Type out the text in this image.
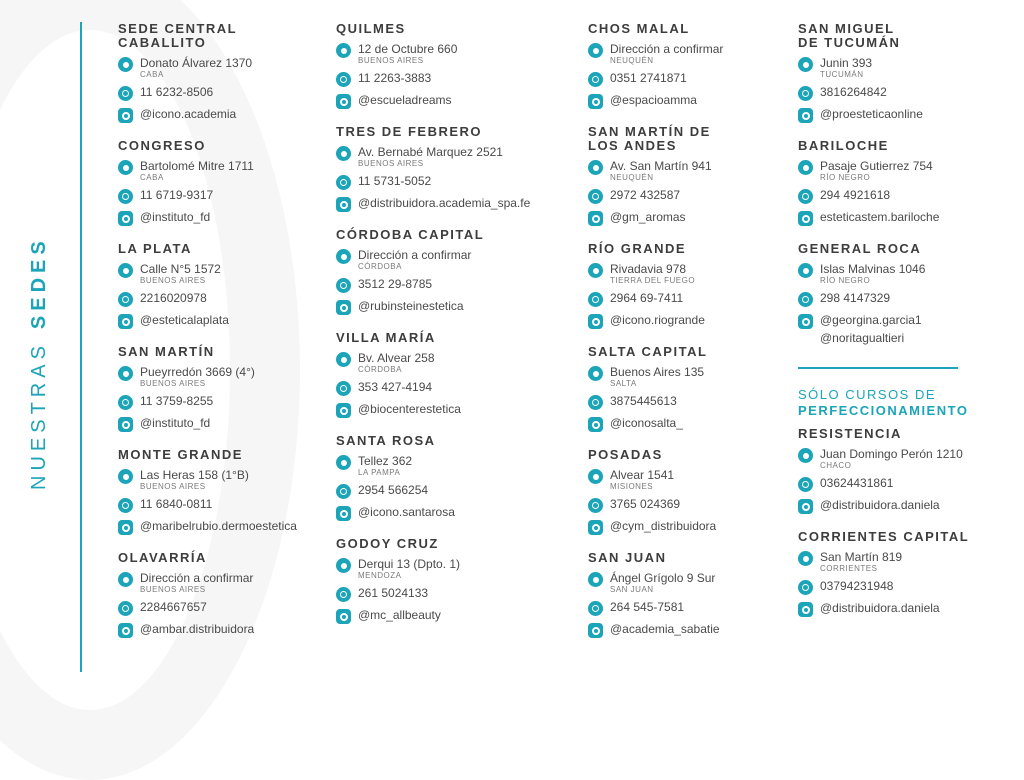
NUESTRASSEDES
SEDE CENTRAL
CABALLITO
Donato Álvarez 1370
CABA
11 6232-8506
@icono.academia
CONGRESO
Bartolomé Mitre 1711
CABA
11 6719-9317
@instituto_fd
LA PLATA
Calle N°5 1572
BUENOS AIRES
2216020978
@esteticalaplata
SAN MARTÍN
Pueyrredón 3669 (4°)
BUENOS AIRES
11 3759-8255
@instituto_fd
MONTE GRANDE
Las Heras 158 (1°B)
BUENOS AIRES
11 6840-0811
@maribelrubio.dermoestetica
OLAVARRÍA
Dirección a confirmar
BUENOS AIRES
2284667657
@ambar.distribuidora
QUILMES
12 de Octubre 660
BUENOS AIRES
11 2263-3883
@escueladreams
TRES DE FEBRERO
Av. Bernabé Marquez 2521
BUENOS AIRES
11 5731-5052
@distribuidora.academia_spa.fe
CÓRDOBA CAPITAL
Dirección a confirmar
CÓRDOBA
3512 29-8785
@rubinsteinestetica
VILLA MARÍA
Bv. Alvear 258
CÓRDOBA
353 427-4194
@biocenterestetica
SANTA ROSA
Tellez 362
LA PAMPA
2954 566254
@icono.santarosa
GODOY CRUZ
Derqui 13 (Dpto. 1)
MENDOZA
261 5024133
@mc_allbeauty
CHOS MALAL
Dirección a confirmar
NEUQUÉN
0351 2741871
@espacioamma
SAN MARTÍN DE
LOS ANDES
Av. San Martín 941
NEUQUÉN
2972 432587
@gm_aromas
RÍO GRANDE
Rivadavia 978
TIERRA DEL FUEGO
2964 69-7411
@icono.riogrande
SALTA CAPITAL
Buenos Aires 135
SALTA
3875445613
@iconosalta_
POSADAS
Alvear 1541
MISIONES
3765 024369
@cym_distribuidora
SAN JUAN
Ángel Grígolo 9 Sur
SAN JUAN
264 545-7581
@academia_sabatie
SAN MIGUEL
DE TUCUMÁN
Junin 393
TUCUMÁN
3816264842
@proesteticaonline
BARILOCHE
Pasaje Gutierrez 754
RÍO NEGRO
294 4921618
esteticastem.bariloche
GENERAL ROCA
Islas Malvinas 1046
RÍO NEGRO
298 4147329
@georgina.garcia1
@noritagualtieri
SÓLO CURSOS DE
PERFECCIONAMIENTO
RESISTENCIA
Juan Domingo Perón 1210
CHACO
03624431861
@distribuidora.daniela
CORRIENTES CAPITAL
San Martín 819
CORRIENTES
03794231948
@distribuidora.daniela
